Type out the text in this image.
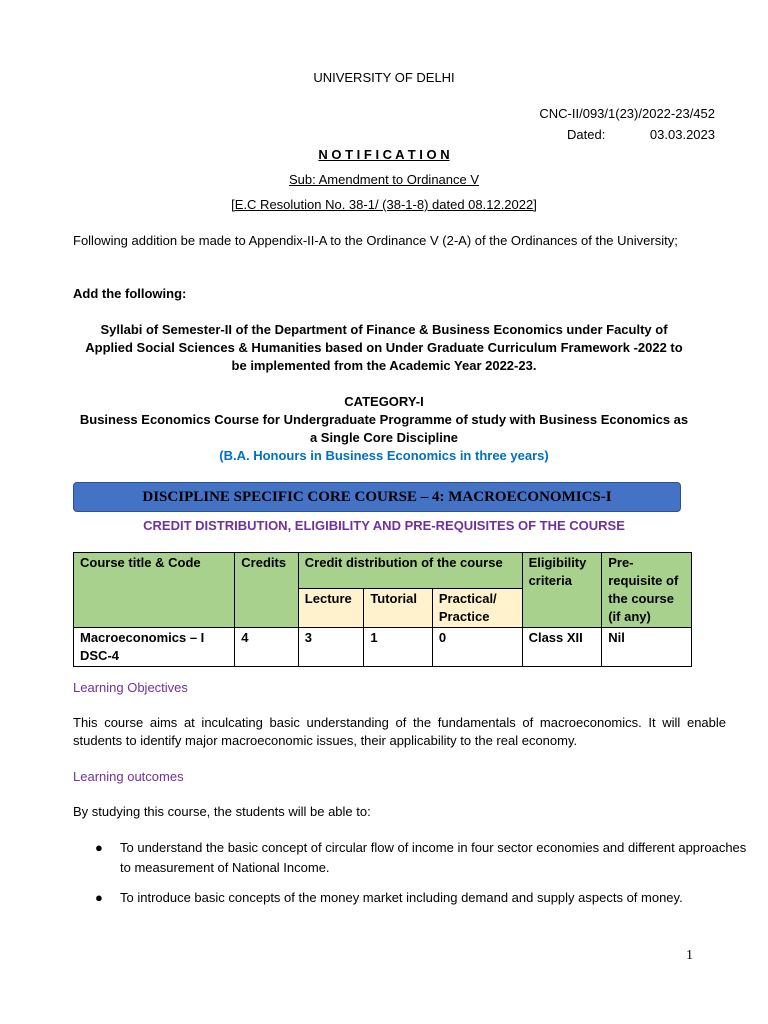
UNIVERSITY OF DELHI
CNC-II/093/1(23)/2022-23/452
Dated:	03.03.2023
N O T I F I C A T I O N
Sub: Amendment to Ordinance V
[E.C Resolution No. 38-1/ (38-1-8) dated 08.12.2022]
Following addition be made to Appendix-II-A to the Ordinance V (2-A) of the Ordinances of the University;
Add the following:
Syllabi of Semester-II of the Department of Finance & Business Economics under Faculty of
Applied Social Sciences & Humanities based on Under Graduate Curriculum Framework -2022 to
be implemented from the Academic Year 2022-23.
CATEGORY-I
Business Economics Course for Undergraduate Programme of study with Business Economics as
a Single Core Discipline
(B.A. Honours in Business Economics in three years)
DISCIPLINE SPECIFIC CORE COURSE – 4: MACROECONOMICS-I
CREDIT DISTRIBUTION, ELIGIBILITY AND PRE-REQUISITES OF THE COURSE
Course title & Code	Credits	Credit distribution of the course			Eligibility criteria	Pre-requisite of the course (if any)
		Lecture	Tutorial	Practical/ Practice		
Macroeconomics – I DSC-4	4	3	1	0	Class XII	Nil
Learning Objectives
This course aims at inculcating basic understanding of the fundamentals of macroeconomics. It will enable students to identify major macroeconomic issues, their applicability to the real economy.
Learning outcomes
By studying this course, the students will be able to:
● To understand the basic concept of circular flow of income in four sector economies and different approaches to measurement of National Income.
● To introduce basic concepts of the money market including demand and supply aspects of money.
1
